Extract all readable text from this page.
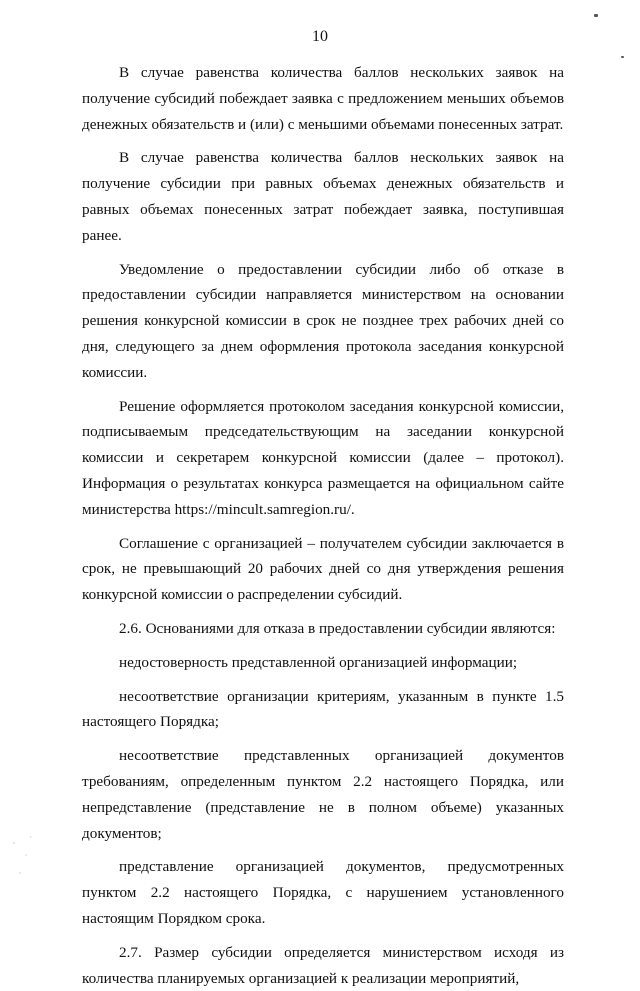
10

В случае равенства количества баллов нескольких заявок на получение субсидий побеждает заявка с предложением меньших объемов денежных обязательств и (или) с меньшими объемами понесенных затрат.

В случае равенства количества баллов нескольких заявок на получение субсидии при равных объемах денежных обязательств и равных объемах понесенных затрат побеждает заявка, поступившая ранее.

Уведомление о предоставлении субсидии либо об отказе в предоставлении субсидии направляется министерством на основании решения конкурсной комиссии в срок не позднее трех рабочих дней со дня, следующего за днем оформления протокола заседания конкурсной комиссии.

Решение оформляется протоколом заседания конкурсной комиссии, подписываемым председательствующим на заседании конкурсной комиссии и секретарем конкурсной комиссии (далее – протокол). Информация о результатах конкурса размещается на официальном сайте министерства https://mincult.samregion.ru/.

Соглашение с организацией – получателем субсидии заключается в срок, не превышающий 20 рабочих дней со дня утверждения решения конкурсной комиссии о распределении субсидий.

2.6. Основаниями для отказа в предоставлении субсидии являются:

недостоверность представленной организацией информации;

несоответствие организации критериям, указанным в пункте 1.5 настоящего Порядка;

несоответствие представленных организацией документов требованиям, определенным пунктом 2.2 настоящего Порядка, или непредставление (представление не в полном объеме) указанных документов;

представление организацией документов, предусмотренных пунктом 2.2 настоящего Порядка, с нарушением установленного настоящим Порядком срока.

2.7. Размер субсидии определяется министерством исходя из количества планируемых организацией к реализации мероприятий,
